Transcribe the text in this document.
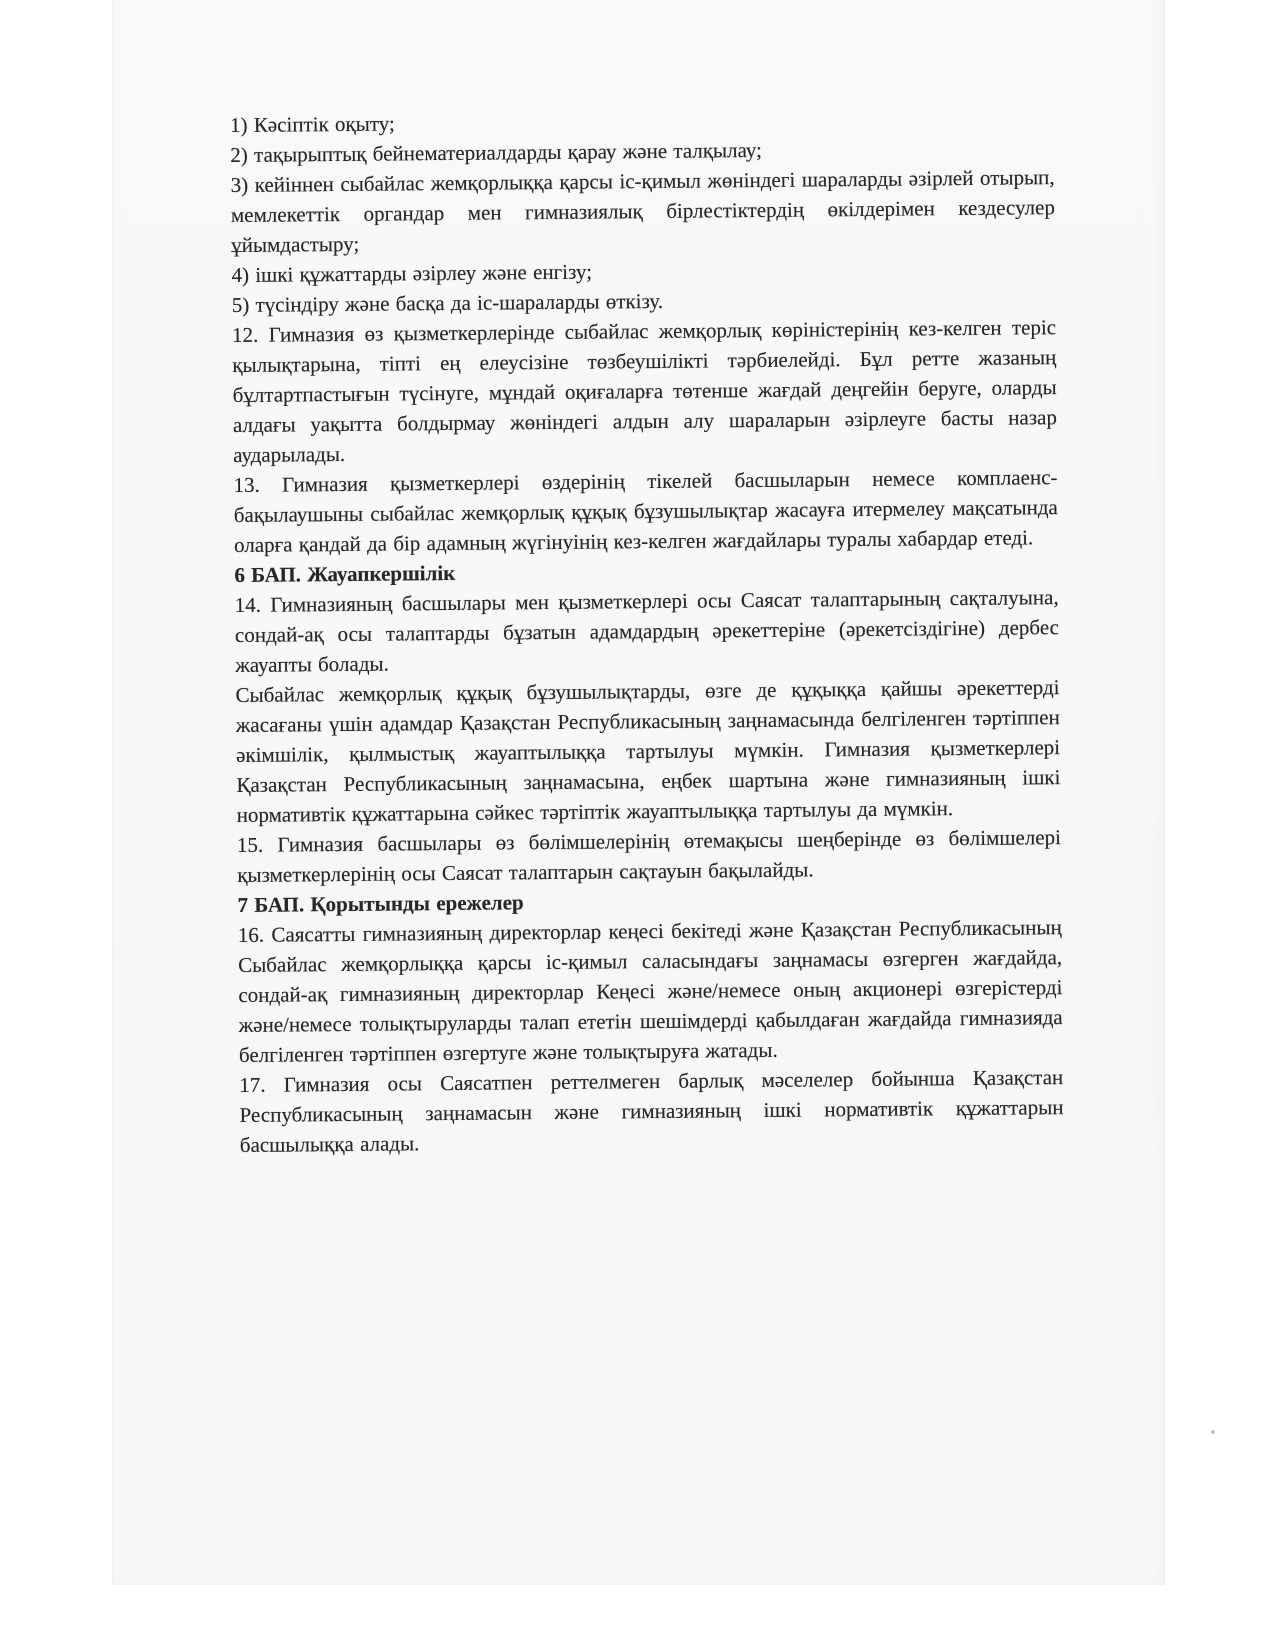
1) Кәсіптік оқыту;

2) тақырыптық бейнематериалдарды қарау және талқылау;

3) кейіннен сыбайлас жемқорлыққа қарсы іс-қимыл жөніндегі шараларды әзірлей отырып, мемлекеттік органдар мен гимназиялық бірлестіктердің өкілдерімен кездесулер ұйымдастыру;

4) ішкі құжаттарды әзірлеу және енгізу;

5) түсіндіру және басқа да іс-шараларды өткізу.

12. Гимназия өз қызметкерлерінде сыбайлас жемқорлық көріністерінің кез-келген теріс қылықтарына, тіпті ең елеусізіне төзбеушілікті тәрбиелейді. Бұл ретте жазаның бұлтартпастығын түсінуге, мұндай оқиғаларға төтенше жағдай деңгейін беруге, оларды алдағы уақытта болдырмау жөніндегі алдын алу шараларын әзірлеуге басты назар аударылады.

13. Гимназия қызметкерлері өздерінің тікелей басшыларын немесе комплаенс-бақылаушыны сыбайлас жемқорлық құқық бұзушылықтар жасауға итермелеу мақсатында оларға қандай да бір адамның жүгінуінің кез-келген жағдайлары туралы хабардар етеді.

6 БАП. Жауапкершілік

14. Гимназияның басшылары мен қызметкерлері осы Саясат талаптарының сақталуына, сондай-ақ осы талаптарды бұзатын адамдардың әрекеттеріне (әрекетсіздігіне) дербес жауапты болады.

Сыбайлас жемқорлық құқық бұзушылықтарды, өзге де құқыққа қайшы әрекеттерді жасағаны үшін адамдар Қазақстан Республикасының заңнамасында белгіленген тәртіппен әкімшілік, қылмыстық жауаптылыққа тартылуы мүмкін. Гимназия қызметкерлері Қазақстан Республикасының заңнамасына, еңбек шартына және гимназияның ішкі нормативтік құжаттарына сәйкес тәртіптік жауаптылыққа тартылуы да мүмкін.

15. Гимназия басшылары өз бөлімшелерінің өтемақысы шеңберінде өз бөлімшелері қызметкерлерінің осы Саясат талаптарын сақтауын бақылайды.

7 БАП. Қорытынды ережелер

16. Саясатты гимназияның директорлар кеңесі бекітеді және Қазақстан Республикасының Сыбайлас жемқорлыққа қарсы іс-қимыл саласындағы заңнамасы өзгерген жағдайда, сондай-ақ гимназияның директорлар Кеңесі және/немесе оның акционері өзгерістерді және/немесе толықтыруларды талап ететін шешімдерді қабылдаған жағдайда гимназияда белгіленген тәртіппен өзгертуге және толықтыруға жатады.

17. Гимназия осы Саясатпен реттелмеген барлық мәселелер бойынша Қазақстан Республикасының заңнамасын және гимназияның ішкі нормативтік құжаттарын басшылыққа алады.
